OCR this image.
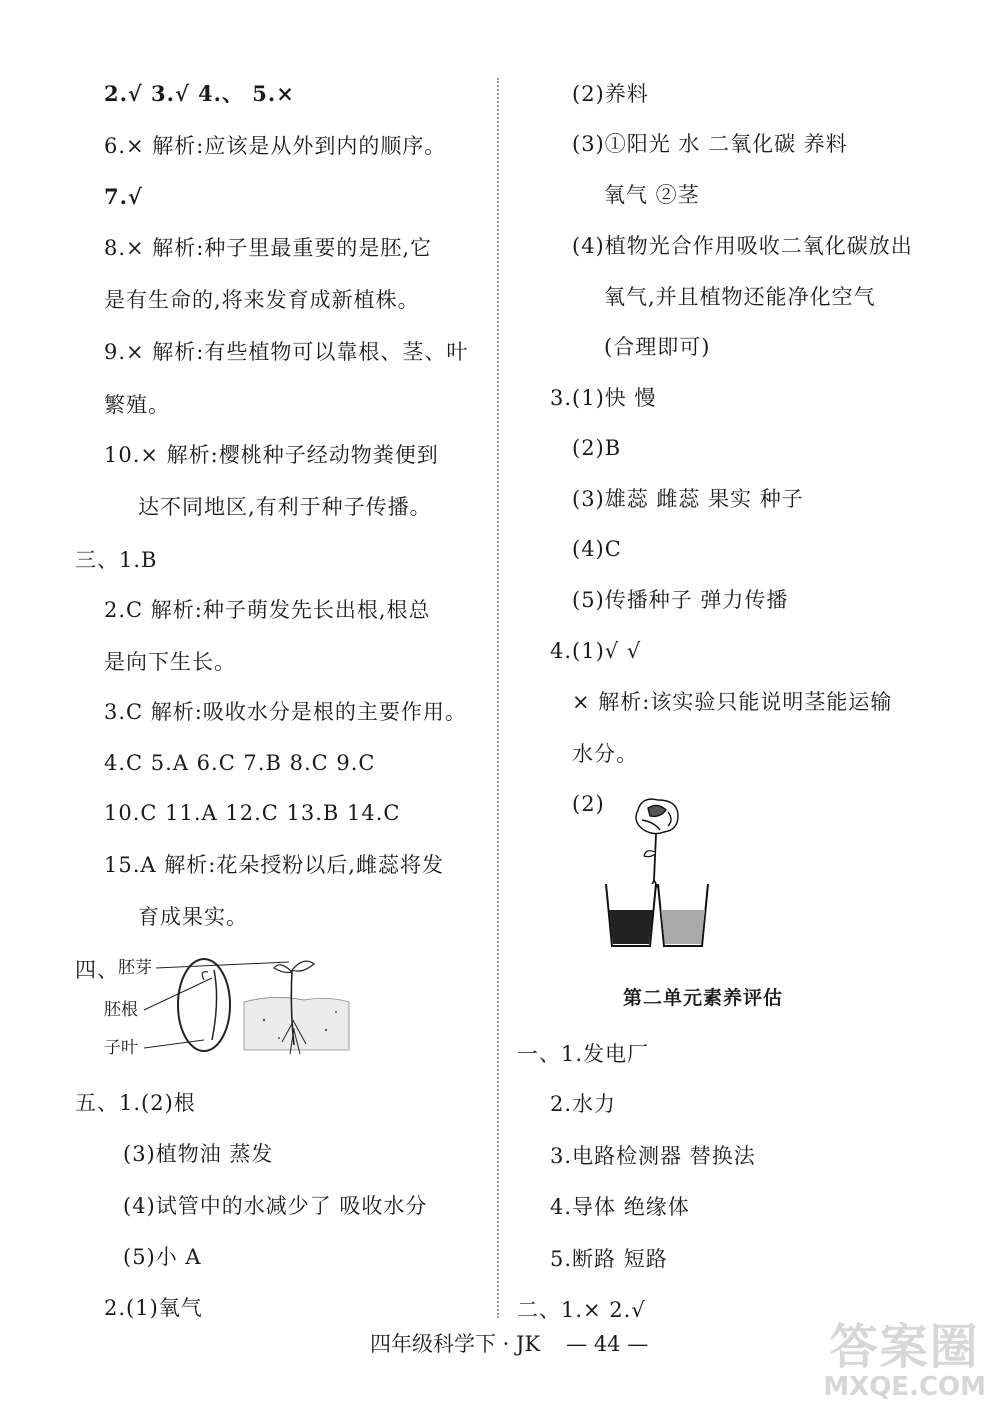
2.√ 3.√ 4.、 5.×
6.× 解析:应该是从外到内的顺序。
7.√
8.× 解析:种子里最重要的是胚,它
是有生命的,将来发育成新植株。
9.× 解析:有些植物可以靠根、茎、叶
繁殖。
10.× 解析:樱桃种子经动物粪便到
达不同地区,有利于种子传播。
三、1.B
2.C 解析:种子萌发先长出根,根总
是向下生长。
3.C 解析:吸收水分是根的主要作用。
4.C 5.A 6.C 7.B 8.C 9.C
10.C 11.A 12.C 13.B 14.C
15.A 解析:花朵授粉以后,雌蕊将发
育成果实。
四、 胚芽
胚根
子叶
五、1.(2)根
(3)植物油 蒸发
(4)试管中的水减少了 吸收水分
(5)小 A
2.(1)氧气
(2)养料
(3)①阳光 水 二氧化碳 养料
氧气 ②茎
(4)植物光合作用吸收二氧化碳放出
氧气,并且植物还能净化空气
(合理即可)
3.(1)快 慢
(2)B
(3)雄蕊 雌蕊 果实 种子
(4)C
(5)传播种子 弹力传播
4.(1)√ √
× 解析:该实验只能说明茎能运输
水分。
(2)
第二单元素养评估
一、1.发电厂
2.水力
3.电路检测器 替换法
4.导体 绝缘体
5.断路 短路
二、1.× 2.√
四年级科学下 · JK — 44 —	答案圈
MXQE.COM
